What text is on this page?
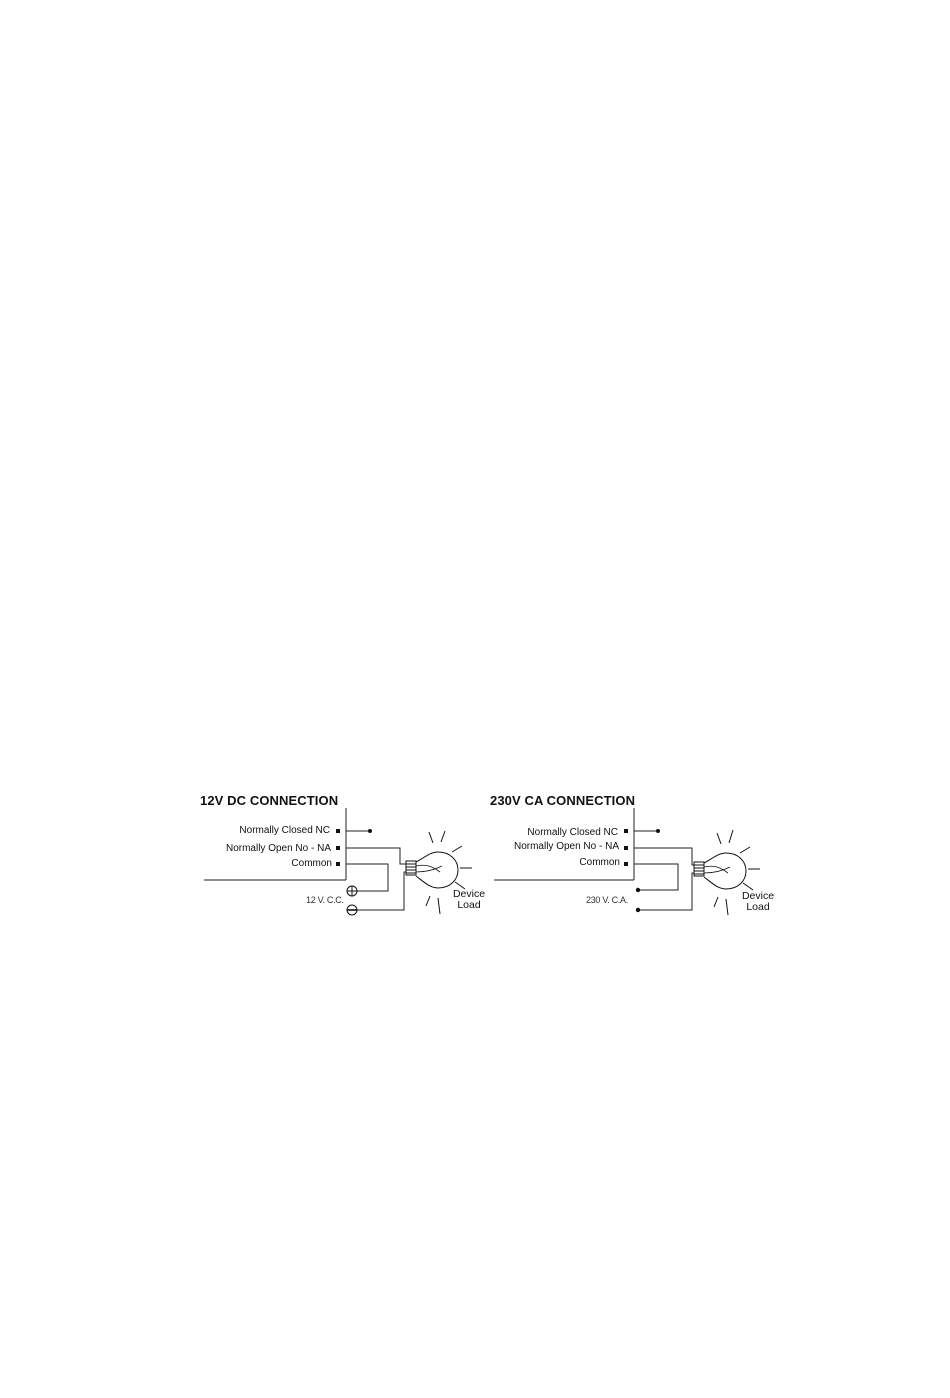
12V DC CONNECTION
Normally Closed NC
Normally Open No - NA
Common
12 V. C.C.	Device
Load
230V CA CONNECTION
Normally Closed NC
Normally Open No - NA
Common
230 V. C.A.	Device
Load
